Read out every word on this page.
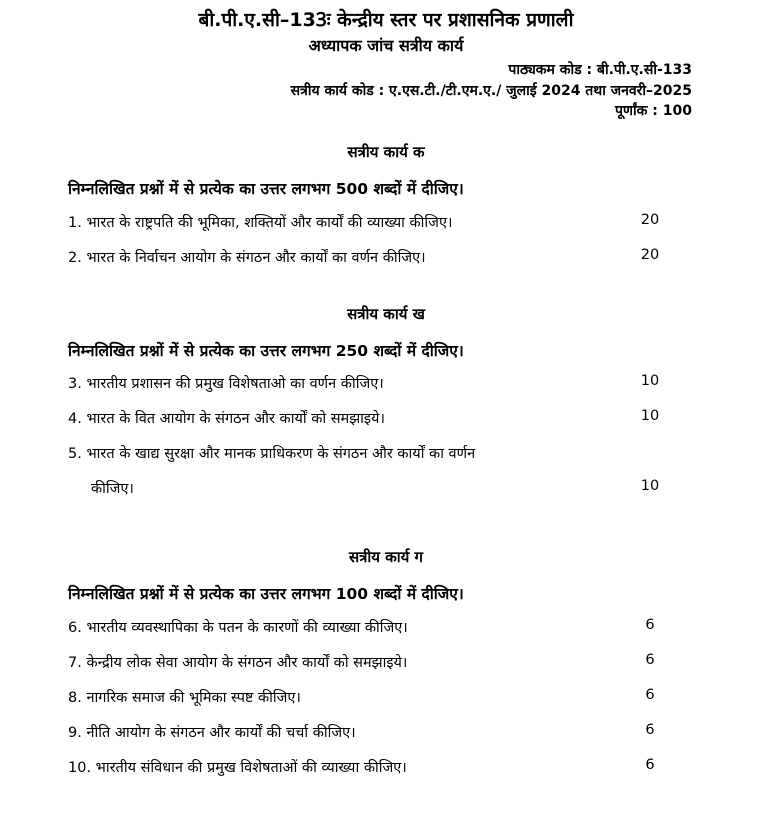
बी.पी.ए.सी–133ः केन्द्रीय स्तर पर प्रशासनिक प्रणाली
अध्यापक जांच सत्रीय कार्य
पाठ्यकम कोड : बी.पी.ए.सी-133
सत्रीय कार्य कोड : ए.एस.टी./टी.एम.ए./ जुलाई 2024 तथा जनवरी–2025
पूर्णांक : 100
सत्रीय कार्य क
निम्नलिखित प्रश्नों में से प्रत्येक का उत्तर लगभग 500 शब्दों में दीजिए।
1. भारत के राष्ट्रपति की भूमिका, शक्तियों और कार्यों की व्याख्या कीजिए।	20
2. भारत के निर्वाचन आयोग के संगठन और कार्यों का वर्णन कीजिए।	20
सत्रीय कार्य ख
निम्नलिखित प्रश्नों में से प्रत्येक का उत्तर लगभग 250 शब्दों में दीजिए।
3. भारतीय प्रशासन की प्रमुख विशेषताओ का वर्णन कीजिए।	10
4. भारत के वित आयोग के संगठन और कार्यों को समझाइये।	10
5. भारत के खाद्य सुरक्षा और मानक प्राधिकरण के संगठन और कार्यों का वर्णन
कीजिए।	10
सत्रीय कार्य ग
निम्नलिखित प्रश्नों में से प्रत्येक का उत्तर लगभग 100 शब्दों में दीजिए।
6. भारतीय व्यवस्थापिका के पतन के कारणों की व्याख्या कीजिए।	6
7. केन्द्रीय लोक सेवा आयोग के संगठन और कार्यों को समझाइये।	6
8. नागरिक समाज की भूमिका स्पष्ट कीजिए।	6
9. नीति आयोग के संगठन और कार्यों की चर्चा कीजिए।	6
10. भारतीय संविधान की प्रमुख विशेषताओं की व्याख्या कीजिए।	6
